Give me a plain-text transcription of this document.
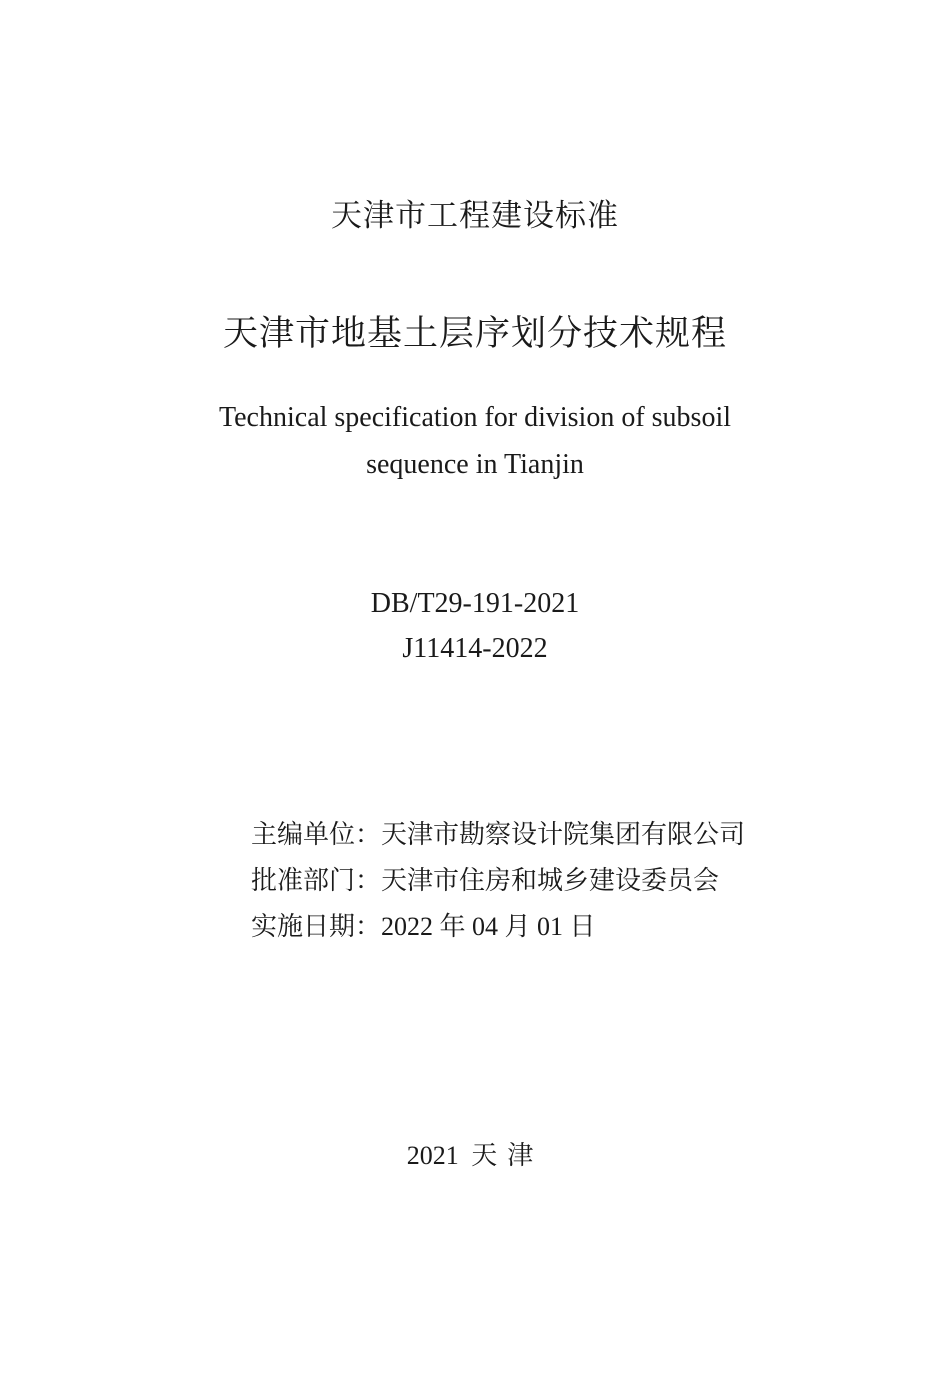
天津市工程建设标准
天津市地基土层序划分技术规程
Technical specification for division of subsoil
sequence in Tianjin
DB/T29-191-2021
J11414-2022
主编单位：天津市勘察设计院集团有限公司
批准部门：天津市住房和城乡建设委员会
实施日期：2022 年 04 月 01 日
2021 天津
